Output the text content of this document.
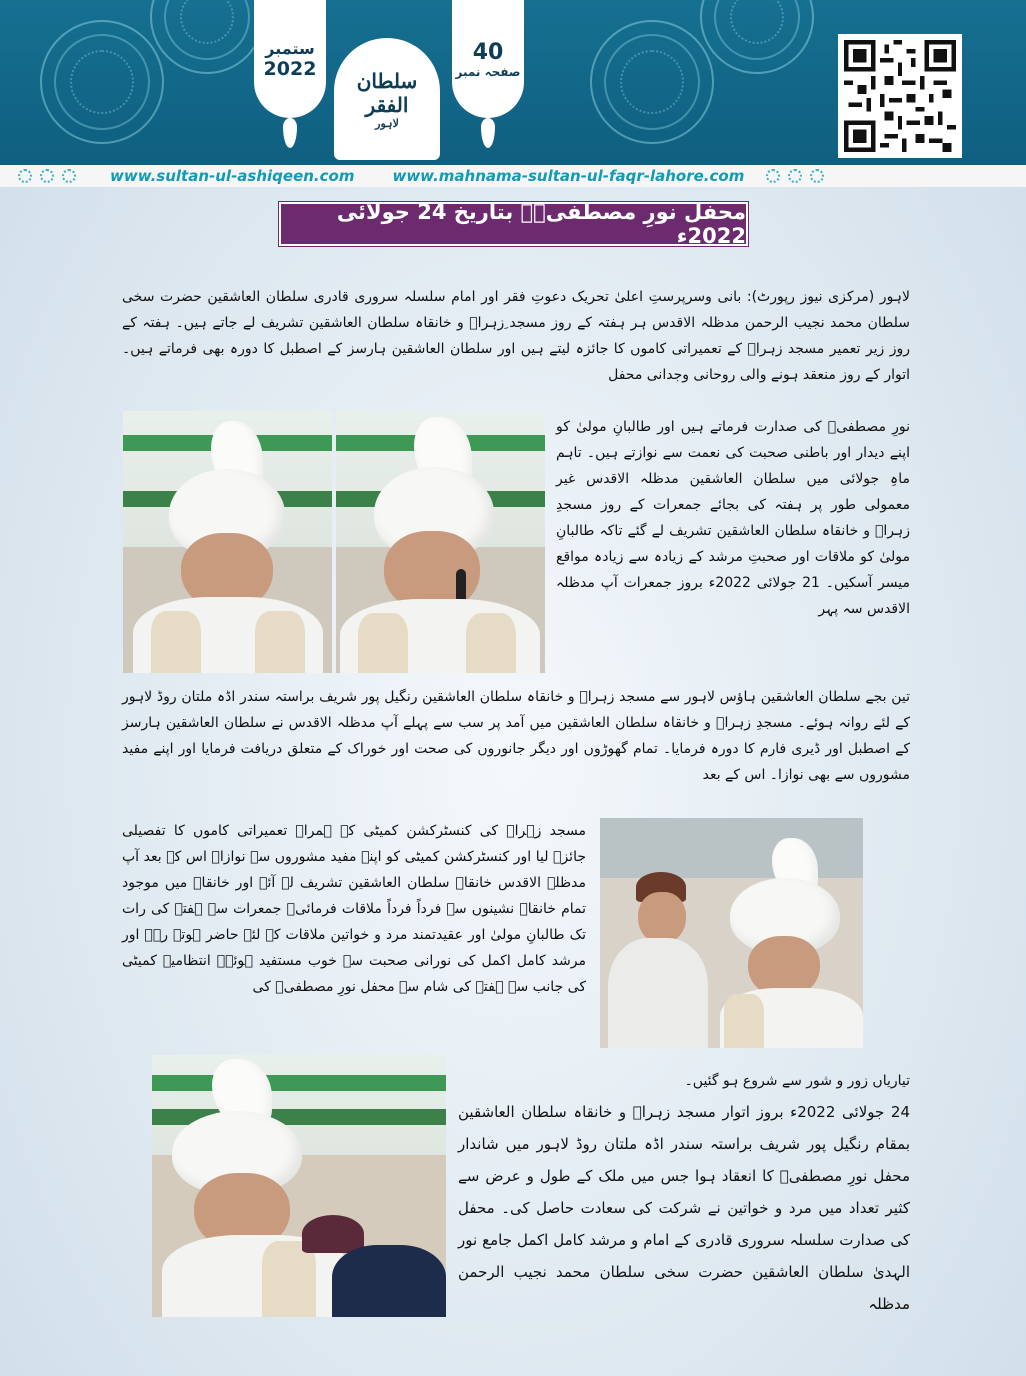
ستمبر
2022	سلطان الفقر
لاہور
40
صفحہ نمبر
www.sultan-ul-ashiqeen.com	www.mahnama-sultan-ul-faqr-lahore.com
محفل نورِ مصطفیؐ۔ بتاریخ 24 جولائی 2022ء

لاہور (مرکزی نیوز رپورٹ): بانی وسرپرستِ اعلیٰ تحریک دعوتِ فقر اور امام سلسلہ سروری قادری سلطان العاشقین حضرت سخی سلطان محمد نجیب الرحمن مدظلہ الاقدس ہر ہفتہ کے روز مسجد ِزہراؓ و خانقاہ سلطان العاشقین تشریف لے جاتے ہیں۔ ہفتہ کے روز زیر تعمیر مسجد زہراؓ کے تعمیراتی کاموں کا جائزہ لیتے ہیں اور سلطان العاشقین ہارسز کے اصطبل کا دورہ بھی فرماتے ہیں۔ اتوار کے روز منعقد ہونے والی روحانی وجدانی محفل

نورِ مصطفیؐ کی صدارت فرماتے ہیں اور طالبانِ مولیٰ کو اپنے دیدار اور باطنی صحبت کی نعمت سے نوازتے ہیں۔ تاہم ماہِ جولائی میں سلطان العاشقین مدظلہ الاقدس غیر معمولی طور پر ہفتہ کی بجائے جمعرات کے روز مسجدِ زہراؓ و خانقاہ سلطان العاشقین تشریف لے گئے تاکہ طالبانِ مولیٰ کو ملاقات اور صحبتِ مرشد کے زیادہ سے زیادہ مواقع میسر آسکیں۔ 21 جولائی 2022ء بروز جمعرات آپ مدظلہ الاقدس سہ پہر

تین بجے سلطان العاشقین ہاؤس لاہور سے مسجد زہراؓ و خانقاہ سلطان العاشقین رنگیل پور شریف براستہ سندر اڈہ ملتان روڈ لاہور کے لئے روانہ ہوئے۔ مسجدِ زہراؓ و خانقاہ سلطان العاشقین میں آمد پر سب سے پہلے آپ مدظلہ الاقدس نے سلطان العاشقین ہارسز کے اصطبل اور ڈیری فارم کا دورہ فرمایا۔ تمام گھوڑوں اور دیگر جانوروں کی صحت اور خوراک کے متعلق دریافت فرمایا اور اپنے مفید مشوروں سے بھی نوازا۔ اس کے بعد

مسجد زہراؓ کی کنسٹرکشن کمیٹی کے ہمراہ تعمیراتی کاموں کا تفصیلی جائزہ لیا اور کنسٹرکشن کمیٹی کو اپنے مفید مشوروں سے نوازا۔ اس کے بعد آپ مدظلہ الاقدس خانقاہ سلطان العاشقین تشریف لے آئے اور خانقاہ میں موجود تمام خانقاہ نشینوں سے فرداً فرداً ملاقات فرمائی۔ جمعرات سے ہفتہ کی رات تک طالبانِ مولیٰ اور عقیدتمند مرد و خواتین ملاقات کے لئے حاضر ہوتے رہے اور مرشد کامل اکمل کی نورانی صحبت سے خوب مستفید ہوئے۔ انتظامیہ کمیٹی کی جانب سے ہفتہ کی شام سے محفل نورِ مصطفیؐ کی

تیاریاں زور و شور سے شروع ہو گئیں۔

24 جولائی 2022ء بروز اتوار مسجد زہراؓ و خانقاہ سلطان العاشقین بمقام رنگیل پور شریف براستہ سندر اڈہ ملتان روڈ لاہور میں شاندار محفل نورِ مصطفیؐ کا انعقاد ہوا جس میں ملک کے طول و عرض سے کثیر تعداد میں مرد و خواتین نے شرکت کی سعادت حاصل کی۔ محفل کی صدارت سلسلہ سروری قادری کے امام و مرشد کامل اکمل جامع نور الہدیٰ سلطان العاشقین حضرت سخی سلطان محمد نجیب الرحمن مدظلہ
